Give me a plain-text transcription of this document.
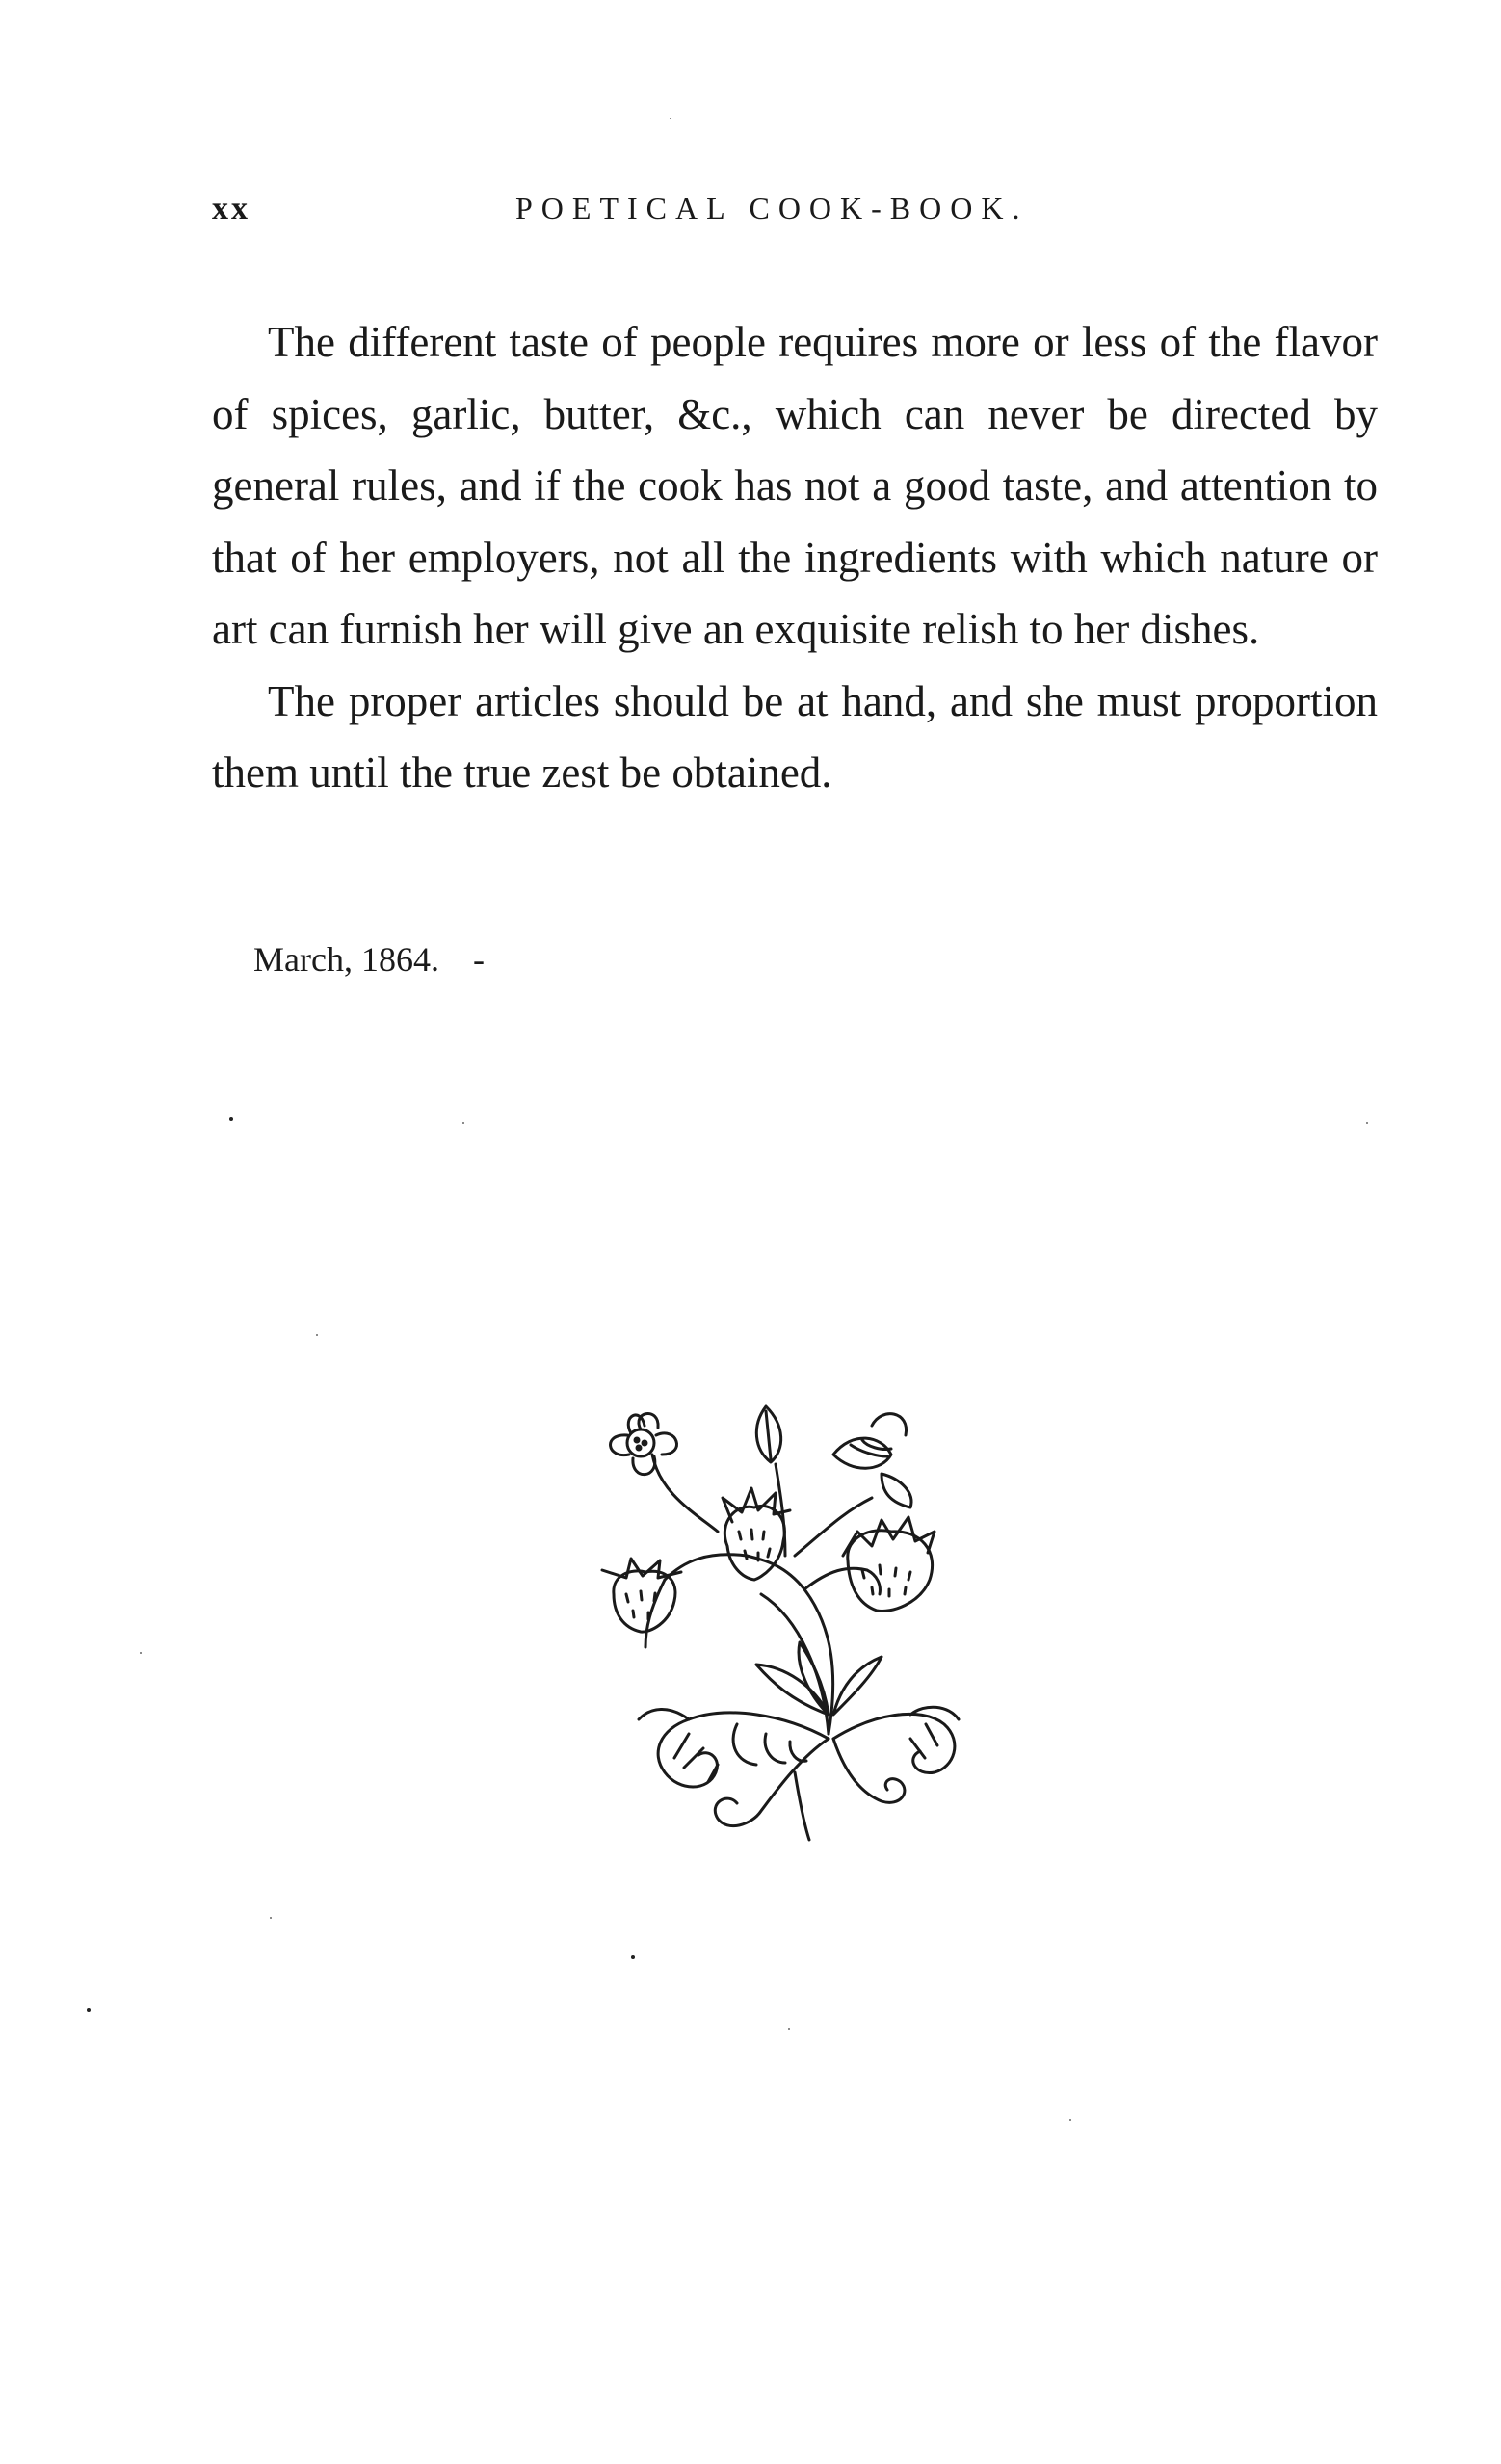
xx	POETICAL COOK-BOOK.

The different taste of people requires more or less of the flavor of spices, garlic, butter, &c., which can never be directed by general rules, and if the cook has not a good taste, and attention to that of her employers, not all the ingredients with which nature or art can furnish her will give an exquisite relish to her dishes.

The proper articles should be at hand, and she must proportion them until the true zest be obtained.

March, 1864. -
